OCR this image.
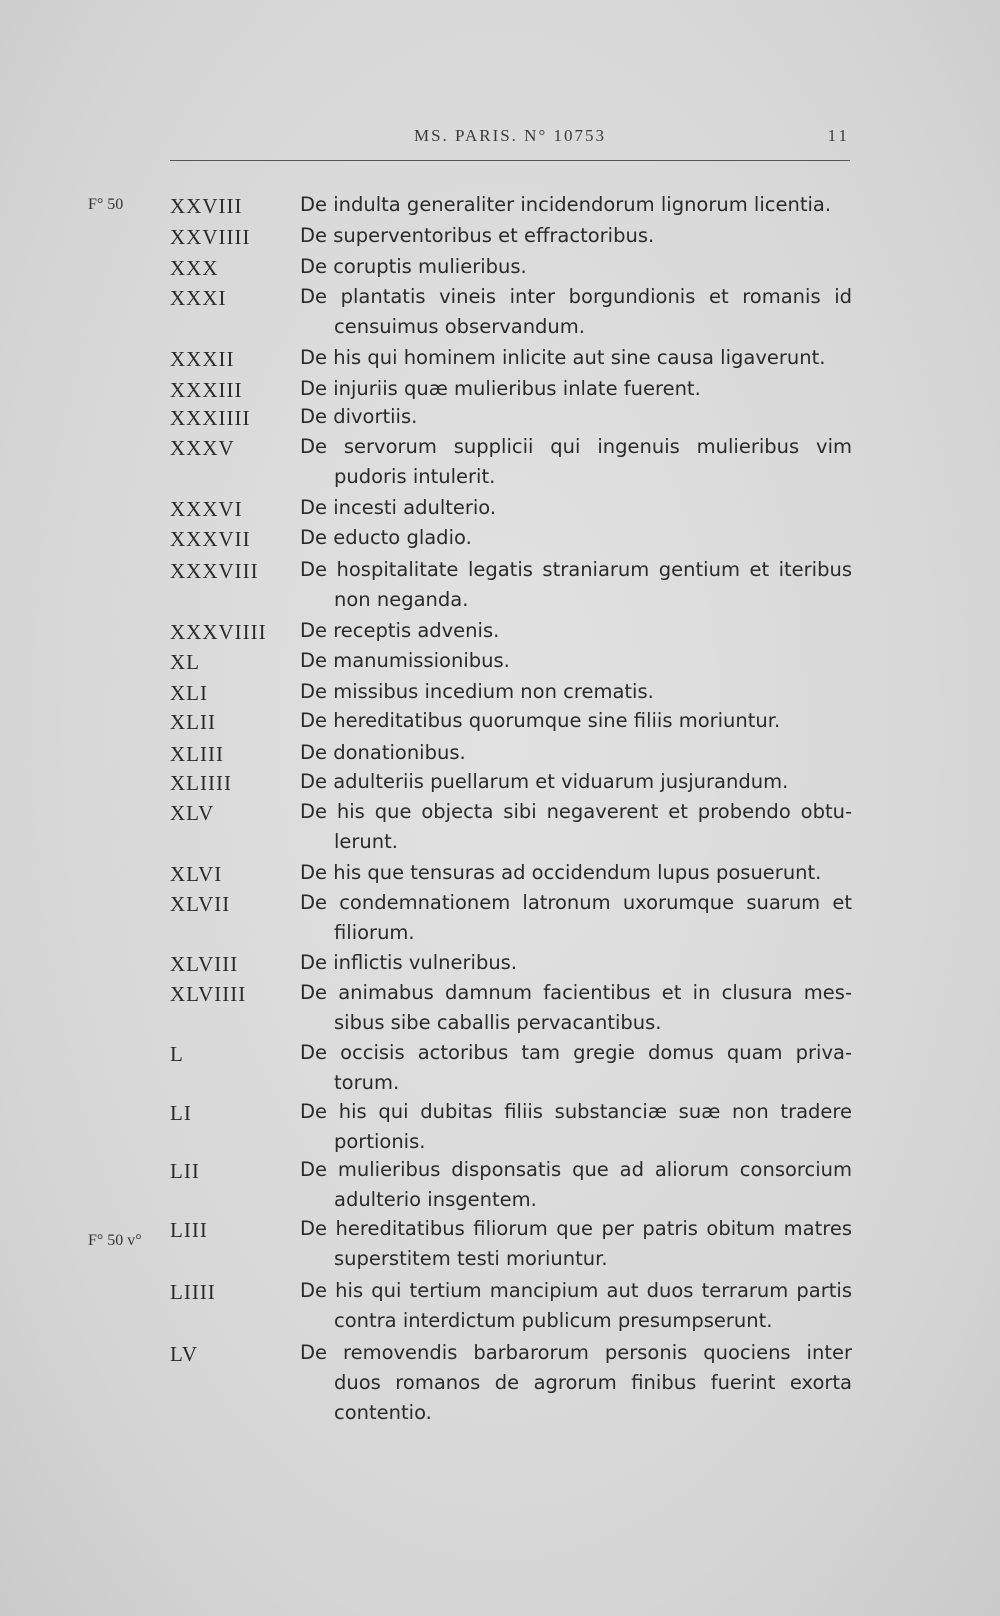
MS. PARIS. N° 10753	11
F° 50
F° 50 v°
XXVIII	De indulta generaliter incidendorum lignorum licentia.
XXVIIII	De superventoribus et effractoribus.
XXX	De coruptis mulieribus.
XXXI	De plantatis vineis inter borgundionis et romanis id
censuimus observandum.
XXXII	De his qui hominem inlicite aut sine causa ligaverunt.
XXXIII	De injuriis quæ mulieribus inlate fuerent.
XXXIIII	De divortiis.
XXXV	De servorum supplicii qui ingenuis mulieribus vim
pudoris intulerit.
XXXVI	De incesti adulterio.
XXXVII	De educto gladio.
XXXVIII De hospitalitate legatis straniarum gentium et iteribus
non neganda.
XXXVIIII De receptis advenis.
XL	De manumissionibus.
XLI	De missibus incedium non crematis.
XLII	De hereditatibus quorumque sine filiis moriuntur.
XLIII	De donationibus.
XLIIII	De adulteriis puellarum et viduarum jusjurandum.
XLV	De his que objecta sibi negaverent et probendo obtu-
lerunt.
XLVI	De his que tensuras ad occidendum lupus posuerunt.
XLVII	De condemnationem latronum uxorumque suarum et
filiorum.
XLVIII	De inflictis vulneribus.
XLVIIII	De animabus damnum facientibus et in clusura mes-
sibus sibe caballis pervacantibus.
L	De occisis actoribus tam gregie domus quam priva-
torum.
LI	De his qui dubitas filiis substanciæ suæ non tradere
portionis.
LII	De mulieribus disponsatis que ad aliorum consorcium
adulterio insgentem.
LIII	De hereditatibus filiorum que per patris obitum matres
superstitem testi moriuntur.
LIIII	De his qui tertium mancipium aut duos terrarum partis
contra interdictum publicum presumpserunt.
LV	De removendis barbarorum personis quociens inter
duos romanos de agrorum finibus fuerint exorta
contentio.
